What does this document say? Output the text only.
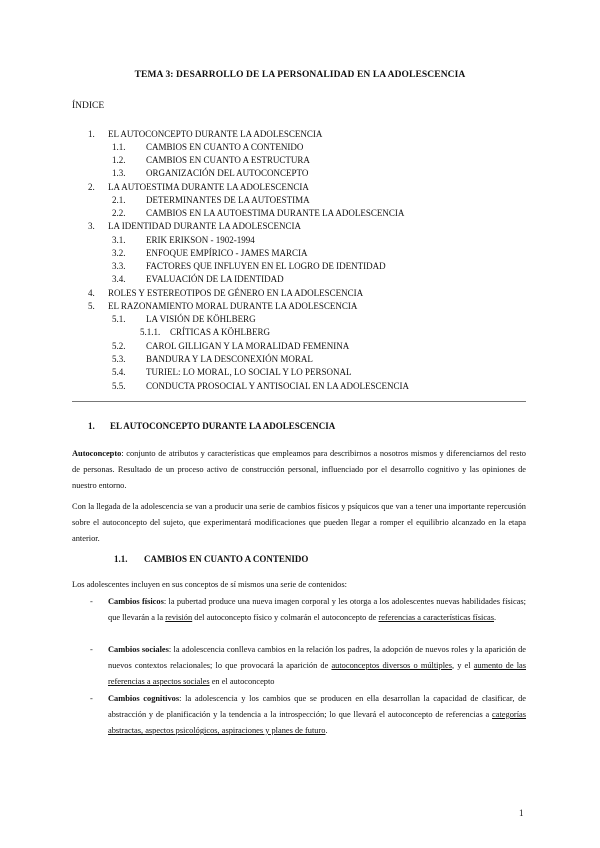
TEMA 3: DESARROLLO DE LA PERSONALIDAD EN LA ADOLESCENCIA
ÍNDICE
1. EL AUTOCONCEPTO DURANTE LA ADOLESCENCIA
1.1. CAMBIOS EN CUANTO A CONTENIDO
1.2. CAMBIOS EN CUANTO A ESTRUCTURA
1.3. ORGANIZACIÓN DEL AUTOCONCEPTO
2. LA AUTOESTIMA DURANTE LA ADOLESCENCIA
2.1. DETERMINANTES DE LA AUTOESTIMA
2.2. CAMBIOS EN LA AUTOESTIMA DURANTE LA ADOLESCENCIA
3. LA IDENTIDAD DURANTE LA ADOLESCENCIA
3.1. ERIK ERIKSON - 1902-1994
3.2. ENFOQUE EMPÍRICO - JAMES MARCIA
3.3. FACTORES QUE INFLUYEN EN EL LOGRO DE IDENTIDAD
3.4. EVALUACIÓN DE LA IDENTIDAD
4. ROLES Y ESTEREOTIPOS DE GÉNERO EN LA ADOLESCENCIA
5. EL RAZONAMIENTO MORAL DURANTE LA ADOLESCENCIA
5.1. LA VISIÓN DE KÖHLBERG
5.1.1. CRÍTICAS A KÖHLBERG
5.2. CAROL GILLIGAN Y LA MORALIDAD FEMENINA
5.3. BANDURA Y LA DESCONEXIÓN MORAL
5.4. TURIEL: LO MORAL, LO SOCIAL Y LO PERSONAL
5.5. CONDUCTA PROSOCIAL Y ANTISOCIAL EN LA ADOLESCENCIA
1. EL AUTOCONCEPTO DURANTE LA ADOLESCENCIA
Autoconcepto: conjunto de atributos y características que empleamos para describirnos a nosotros mismos y diferenciarnos del resto de personas. Resultado de un proceso activo de construcción personal, influenciado por el desarrollo cognitivo y las opiniones de nuestro entorno.
Con la llegada de la adolescencia se van a producir una serie de cambios físicos y psíquicos que van a tener una importante repercusión sobre el autoconcepto del sujeto, que experimentará modificaciones que pueden llegar a romper el equilibrio alcanzado en la etapa anterior.
1.1. CAMBIOS EN CUANTO A CONTENIDO
Los adolescentes incluyen en sus conceptos de sí mismos una serie de contenidos:
- Cambios físicos: la pubertad produce una nueva imagen corporal y les otorga a los adolescentes nuevas habilidades físicas; que llevarán a la revisión del autoconcepto físico y colmarán el autoconcepto de referencias a características físicas.
- Cambios sociales: la adolescencia conlleva cambios en la relación los padres, la adopción de nuevos roles y la aparición de nuevos contextos relacionales; lo que provocará la aparición de autoconceptos diversos o múltiples, y el aumento de las referencias a aspectos sociales en el autoconcepto
- Cambios cognitivos: la adolescencia y los cambios que se producen en ella desarrollan la capacidad de clasificar, de abstracción y de planificación y la tendencia a la introspección; lo que llevará el autoconcepto de referencias a categorías abstractas, aspectos psicológicos, aspiraciones y planes de futuro.
1
